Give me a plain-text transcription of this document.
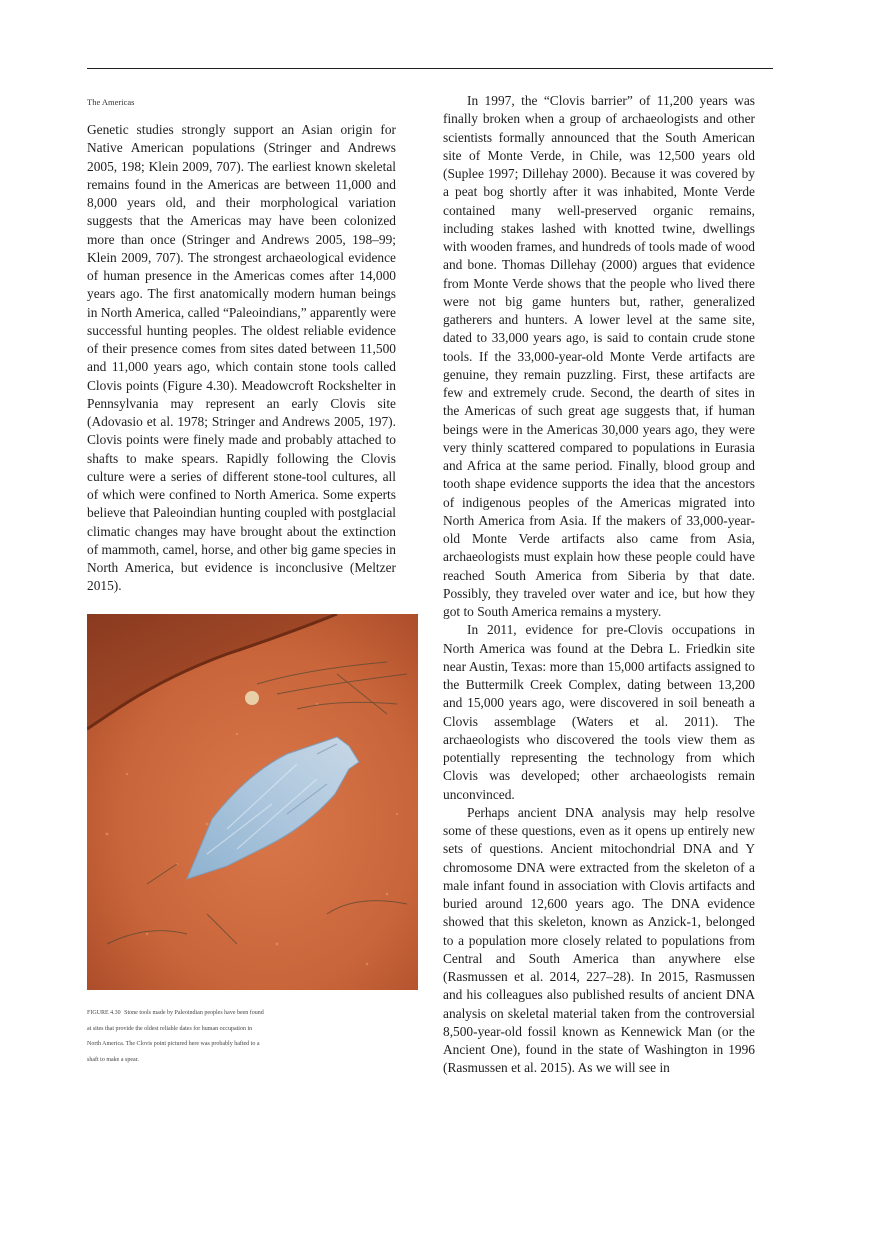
The Americas

Genetic studies strongly support an Asian origin for Native American populations (Stringer and Andrews 2005, 198; Klein 2009, 707). The earliest known skeletal remains found in the Americas are between 11,000 and 8,000 years old, and their morphological variation suggests that the Americas may have been colonized more than once (Stringer and Andrews 2005, 198–99; Klein 2009, 707). The strongest archaeological evidence of human presence in the Americas comes after 14,000 years ago. The first anatomically modern human beings in North America, called “Paleoindians,” apparently were successful hunting peoples. The oldest reliable evidence of their presence comes from sites dated between 11,500 and 11,000 years ago, which contain stone tools called Clovis points (Figure 4.30). Meadowcroft Rockshelter in Pennsylvania may represent an early Clovis site (Adovasio et al. 1978; Stringer and Andrews 2005, 197). Clovis points were finely made and probably attached to shafts to make spears. Rapidly following the Clovis culture were a series of different stone-tool cultures, all of which were confined to North America. Some experts believe that Paleoindian hunting coupled with postglacial climatic changes may have brought about the extinction of mammoth, camel, horse, and other big game species in North America, but evidence is inconclusive (Meltzer 2015).

FIGURE 4.30 Stone tools made by Paleoindian peoples have been found at sites that provide the oldest reliable dates for human occupation in North America. The Clovis point pictured here was probably hafted to a shaft to make a spear.

In 1997, the “Clovis barrier” of 11,200 years was finally broken when a group of archaeologists and other scientists formally announced that the South American site of Monte Verde, in Chile, was 12,500 years old (Suplee 1997; Dillehay 2000). Because it was covered by a peat bog shortly after it was inhabited, Monte Verde contained many well-preserved organic remains, including stakes lashed with knotted twine, dwellings with wooden frames, and hundreds of tools made of wood and bone. Thomas Dillehay (2000) argues that evidence from Monte Verde shows that the people who lived there were not big game hunters but, rather, generalized gatherers and hunters. A lower level at the same site, dated to 33,000 years ago, is said to contain crude stone tools. If the 33,000-year-old Monte Verde artifacts are genuine, they remain puzzling. First, these artifacts are few and extremely crude. Second, the dearth of sites in the Americas of such great age suggests that, if human beings were in the Americas 30,000 years ago, they were very thinly scattered compared to populations in Eurasia and Africa at the same period. Finally, blood group and tooth shape evidence supports the idea that the ancestors of indigenous peoples of the Americas migrated into North America from Asia. If the makers of 33,000-year-old Monte Verde artifacts also came from Asia, archaeologists must explain how these people could have reached South America from Siberia by that date. Possibly, they traveled over water and ice, but how they got to South America remains a mystery.

In 2011, evidence for pre-Clovis occupations in North America was found at the Debra L. Friedkin site near Austin, Texas: more than 15,000 artifacts assigned to the Buttermilk Creek Complex, dating between 13,200 and 15,000 years ago, were discovered in soil beneath a Clovis assemblage (Waters et al. 2011). The archaeologists who discovered the tools view them as potentially representing the technology from which Clovis was developed; other archaeologists remain unconvinced.

Perhaps ancient DNA analysis may help resolve some of these questions, even as it opens up entirely new sets of questions. Ancient mitochondrial DNA and Y chromosome DNA were extracted from the skeleton of a male infant found in association with Clovis artifacts and buried around 12,600 years ago. The DNA evidence showed that this skeleton, known as Anzick-1, belonged to a population more closely related to populations from Central and South America than anywhere else (Rasmussen et al. 2014, 227–28). In 2015, Rasmussen and his colleagues also published results of ancient DNA analysis on skeletal material taken from the controversial 8,500-year-old fossil known as Kennewick Man (or the Ancient One), found in the state of Washington in 1996 (Rasmussen et al. 2015). As we will see in
